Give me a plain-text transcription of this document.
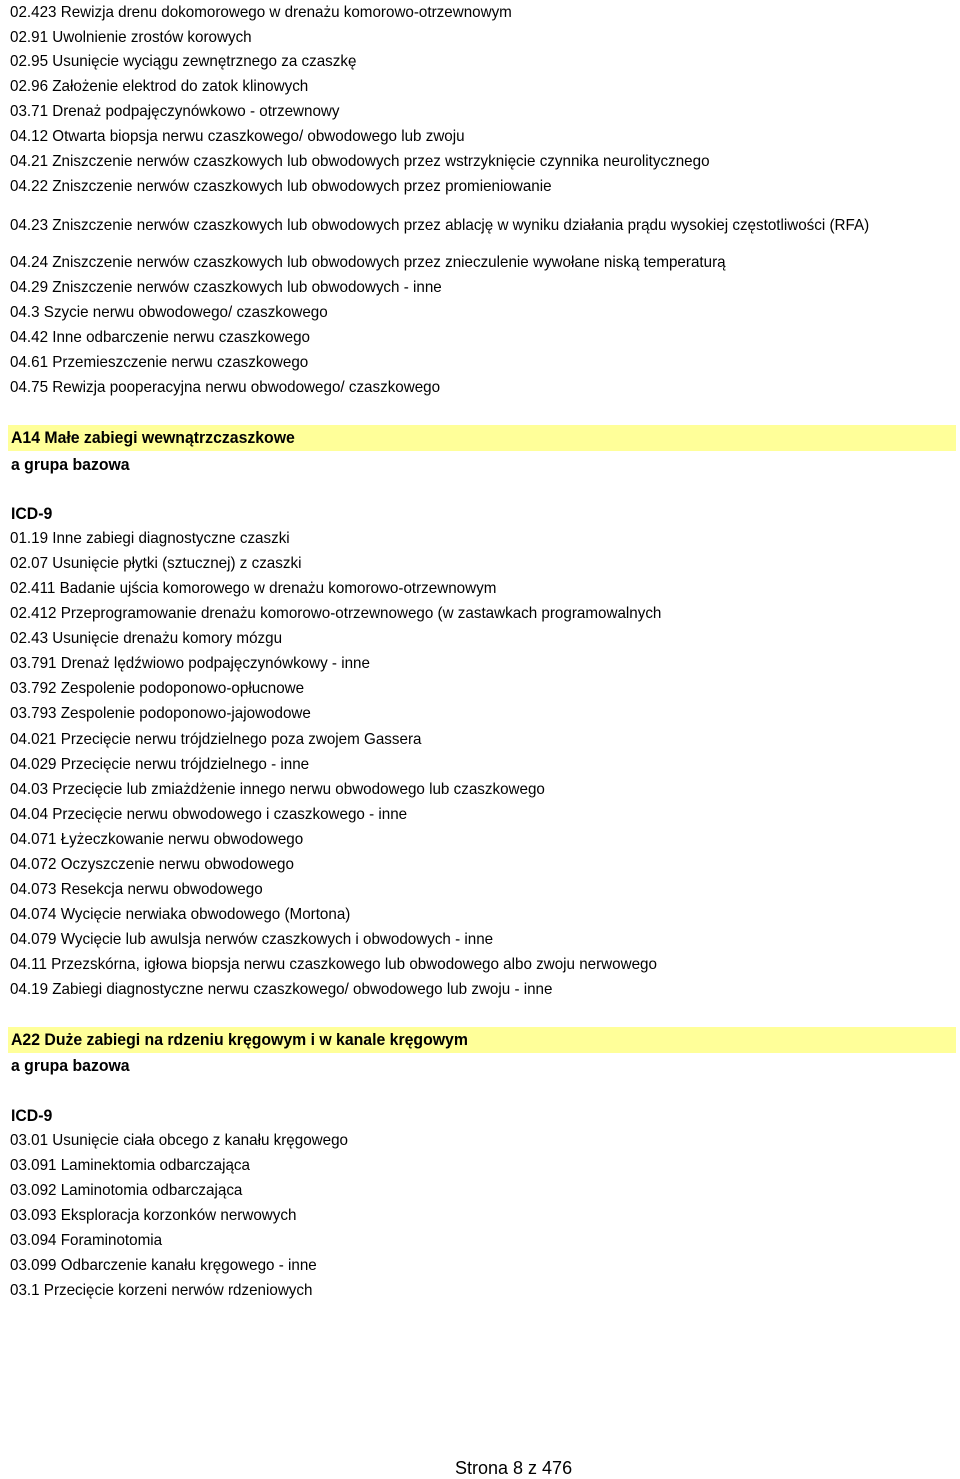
02.423 Rewizja drenu dokomorowego w drenażu komorowo-otrzewnowym
02.91 Uwolnienie zrostów korowych
02.95 Usunięcie wyciągu zewnętrznego za czaszkę
02.96 Założenie elektrod do zatok klinowych
03.71 Drenaż podpajęczynówkowo - otrzewnowy
04.12 Otwarta biopsja nerwu czaszkowego/ obwodowego lub zwoju
04.21 Zniszczenie nerwów czaszkowych lub obwodowych przez wstrzyknięcie czynnika neurolitycznego
04.22 Zniszczenie nerwów czaszkowych lub obwodowych przez promieniowanie
04.23 Zniszczenie nerwów czaszkowych lub obwodowych przez ablację w wyniku działania prądu wysokiej częstotliwości (RFA)
04.24 Zniszczenie nerwów czaszkowych lub obwodowych przez znieczulenie wywołane niską temperaturą
04.29 Zniszczenie nerwów czaszkowych lub obwodowych - inne
04.3 Szycie nerwu obwodowego/ czaszkowego
04.42 Inne odbarczenie nerwu czaszkowego
04.61 Przemieszczenie nerwu czaszkowego
04.75 Rewizja pooperacyjna nerwu obwodowego/ czaszkowego
A14 Małe zabiegi wewnątrzczaszkowe
a grupa bazowa
ICD-9
01.19 Inne zabiegi diagnostyczne czaszki
02.07 Usunięcie płytki (sztucznej) z czaszki
02.411 Badanie ujścia komorowego w drenażu komorowo-otrzewnowym
02.412 Przeprogramowanie drenażu komorowo-otrzewnowego (w zastawkach programowalnych
02.43 Usunięcie drenażu komory mózgu
03.791 Drenaż lędźwiowo podpajęczynówkowy - inne
03.792 Zespolenie podoponowo-opłucnowe
03.793 Zespolenie podoponowo-jajowodowe
04.021 Przecięcie nerwu trójdzielnego poza zwojem Gassera
04.029 Przecięcie nerwu trójdzielnego - inne
04.03 Przecięcie lub zmiażdżenie innego nerwu obwodowego lub czaszkowego
04.04 Przecięcie nerwu obwodowego i czaszkowego - inne
04.071 Łyżeczkowanie nerwu obwodowego
04.072 Oczyszczenie nerwu obwodowego
04.073 Resekcja nerwu obwodowego
04.074 Wycięcie nerwiaka obwodowego (Mortona)
04.079 Wycięcie lub awulsja nerwów czaszkowych i obwodowych - inne
04.11 Przezskórna, igłowa biopsja nerwu czaszkowego lub obwodowego albo zwoju nerwowego
04.19 Zabiegi diagnostyczne nerwu czaszkowego/ obwodowego lub zwoju - inne
A22 Duże zabiegi na rdzeniu kręgowym i w kanale kręgowym
a grupa bazowa
ICD-9
03.01 Usunięcie ciała obcego z kanału kręgowego
03.091 Laminektomia odbarczająca
03.092 Laminotomia odbarczająca
03.093 Eksploracja korzonków nerwowych
03.094 Foraminotomia
03.099 Odbarczenie kanału kręgowego - inne
03.1 Przecięcie korzeni nerwów rdzeniowych
Strona 8 z 476
